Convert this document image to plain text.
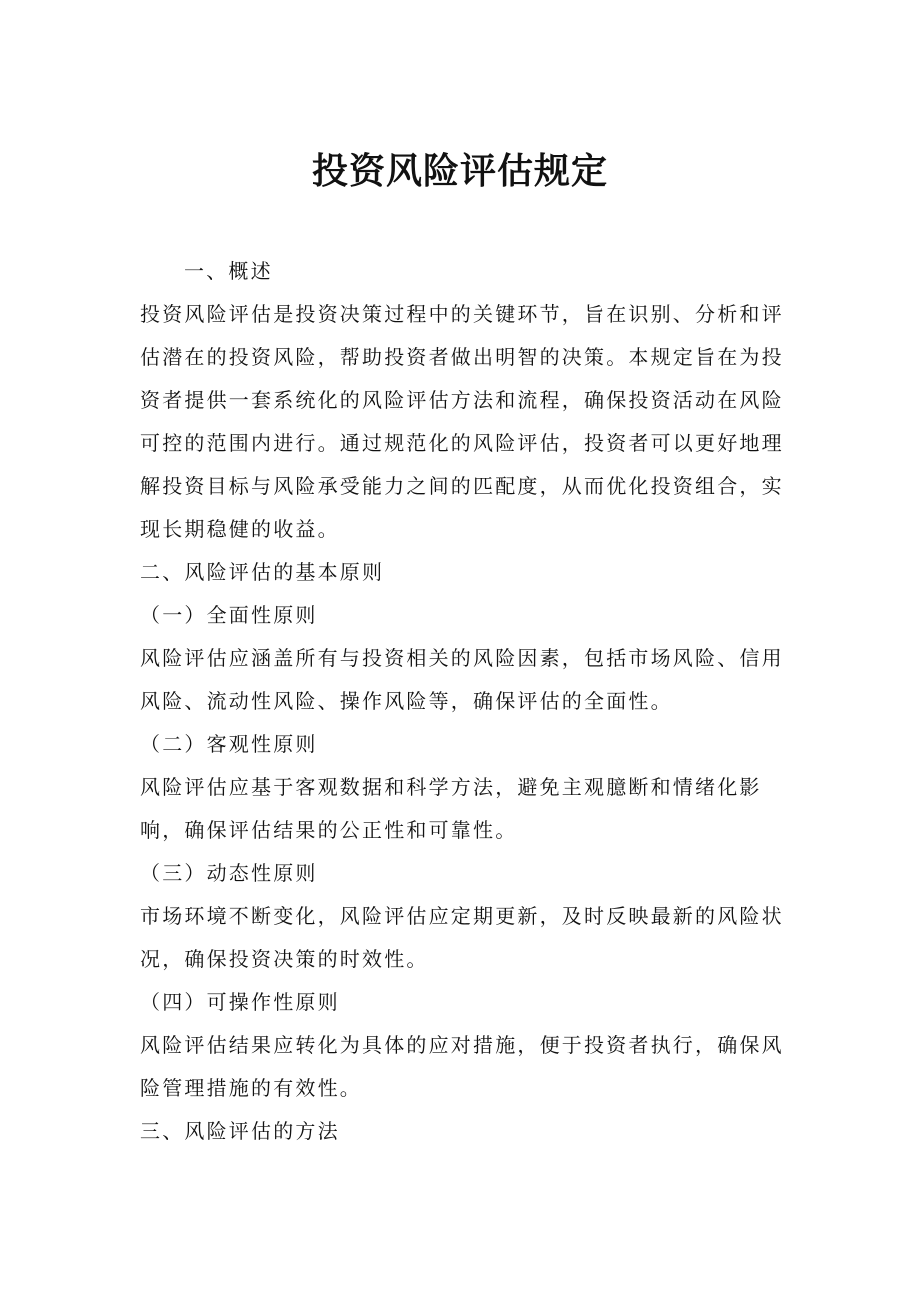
投资风险评估规定

一、概述

投资风险评估是投资决策过程中的关键环节，旨在识别、分析和评

估潜在的投资风险，帮助投资者做出明智的决策。本规定旨在为投

资者提供一套系统化的风险评估方法和流程，确保投资活动在风险

可控的范围内进行。通过规范化的风险评估，投资者可以更好地理

解投资目标与风险承受能力之间的匹配度，从而优化投资组合，实

现长期稳健的收益。

二、风险评估的基本原则

（一）全面性原则

风险评估应涵盖所有与投资相关的风险因素，包括市场风险、信用

风险、流动性风险、操作风险等，确保评估的全面性。

（二）客观性原则

风险评估应基于客观数据和科学方法，避免主观臆断和情绪化影

响，确保评估结果的公正性和可靠性。

（三）动态性原则

市场环境不断变化，风险评估应定期更新，及时反映最新的风险状

况，确保投资决策的时效性。

（四）可操作性原则

风险评估结果应转化为具体的应对措施，便于投资者执行，确保风

险管理措施的有效性。

三、风险评估的方法
